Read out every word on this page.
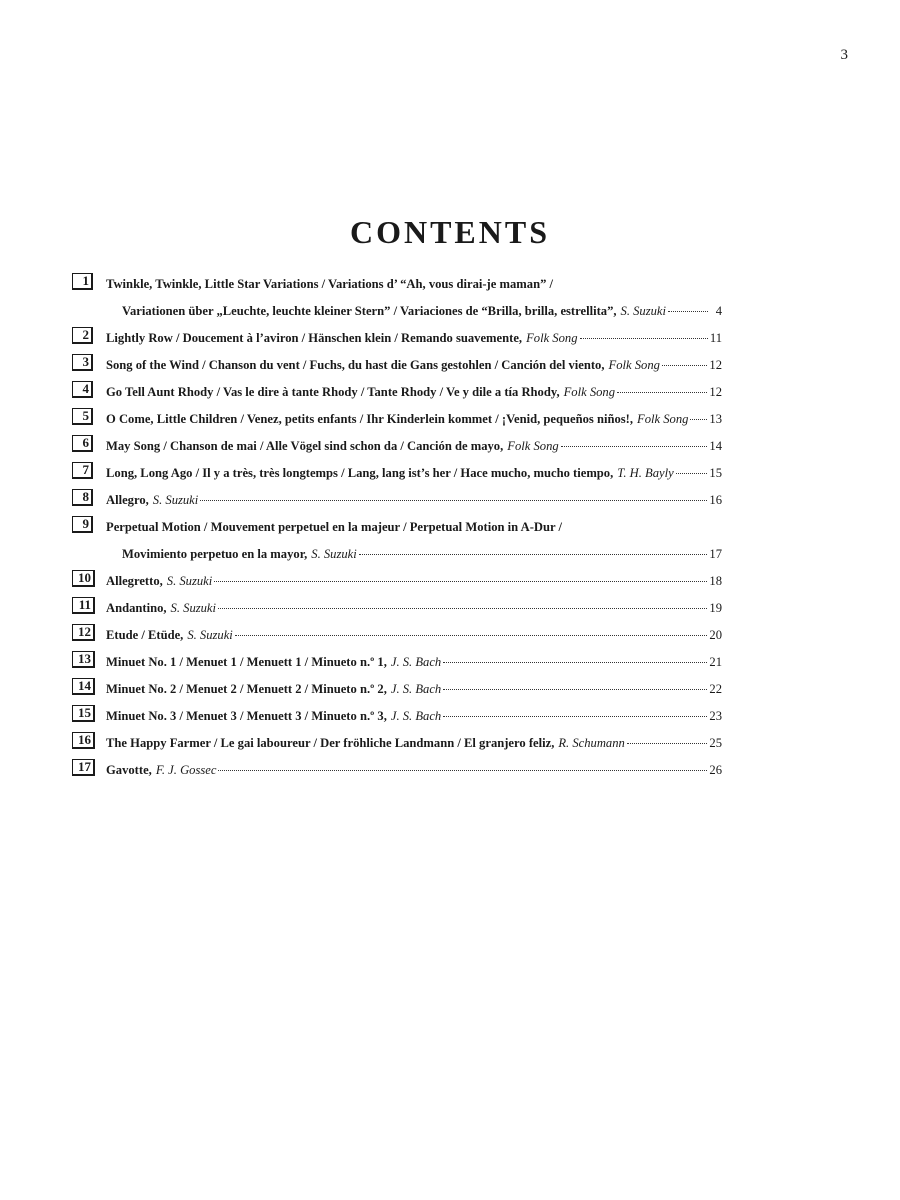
3
CONTENTS
1	Twinkle, Twinkle, Little Star Variations / Variations d’ “Ah, vous dirai-je maman” /
Variationen über „Leuchte, leuchte kleiner Stern” / Variaciones de “Brilla, brilla, estrellita”, S. Suzuki	4
2	Lightly Row / Doucement à l’aviron / Hänschen klein / Remando suavemente, Folk Song	11
3	Song of the Wind / Chanson du vent / Fuchs, du hast die Gans gestohlen / Canción del viento, Folk Song	12
4	Go Tell Aunt Rhody / Vas le dire à tante Rhody / Tante Rhody / Ve y dile a tía Rhody, Folk Song	12
5	O Come, Little Children / Venez, petits enfants / Ihr Kinderlein kommet / ¡Venid, pequeños niños!, Folk Song 13
6	May Song / Chanson de mai / Alle Vögel sind schon da / Canción de mayo, Folk Song	14
7	Long, Long Ago / Il y a très, très longtemps / Lang, lang ist’s her / Hace mucho, mucho tiempo, T. H. Bayly	15
8	Allegro, S. Suzuki	16
9	Perpetual Motion / Mouvement perpetuel en la majeur / Perpetual Motion in A-Dur /
Movimiento perpetuo en la mayor, S. Suzuki	17
10	Allegretto, S. Suzuki	18
11	Andantino, S. Suzuki	19
12	Etude / Etüde, S. Suzuki	20
13	Minuet No. 1 / Menuet 1 / Menuett 1 / Minueto n.º 1, J. S. Bach	21
14	Minuet No. 2 / Menuet 2 / Menuett 2 / Minueto n.º 2, J. S. Bach	22
15	Minuet No. 3 / Menuet 3 / Menuett 3 / Minueto n.º 3, J. S. Bach	23
16	The Happy Farmer / Le gai laboureur / Der fröhliche Landmann / El granjero feliz, R. Schumann	25
17	Gavotte, F. J. Gossec	26
